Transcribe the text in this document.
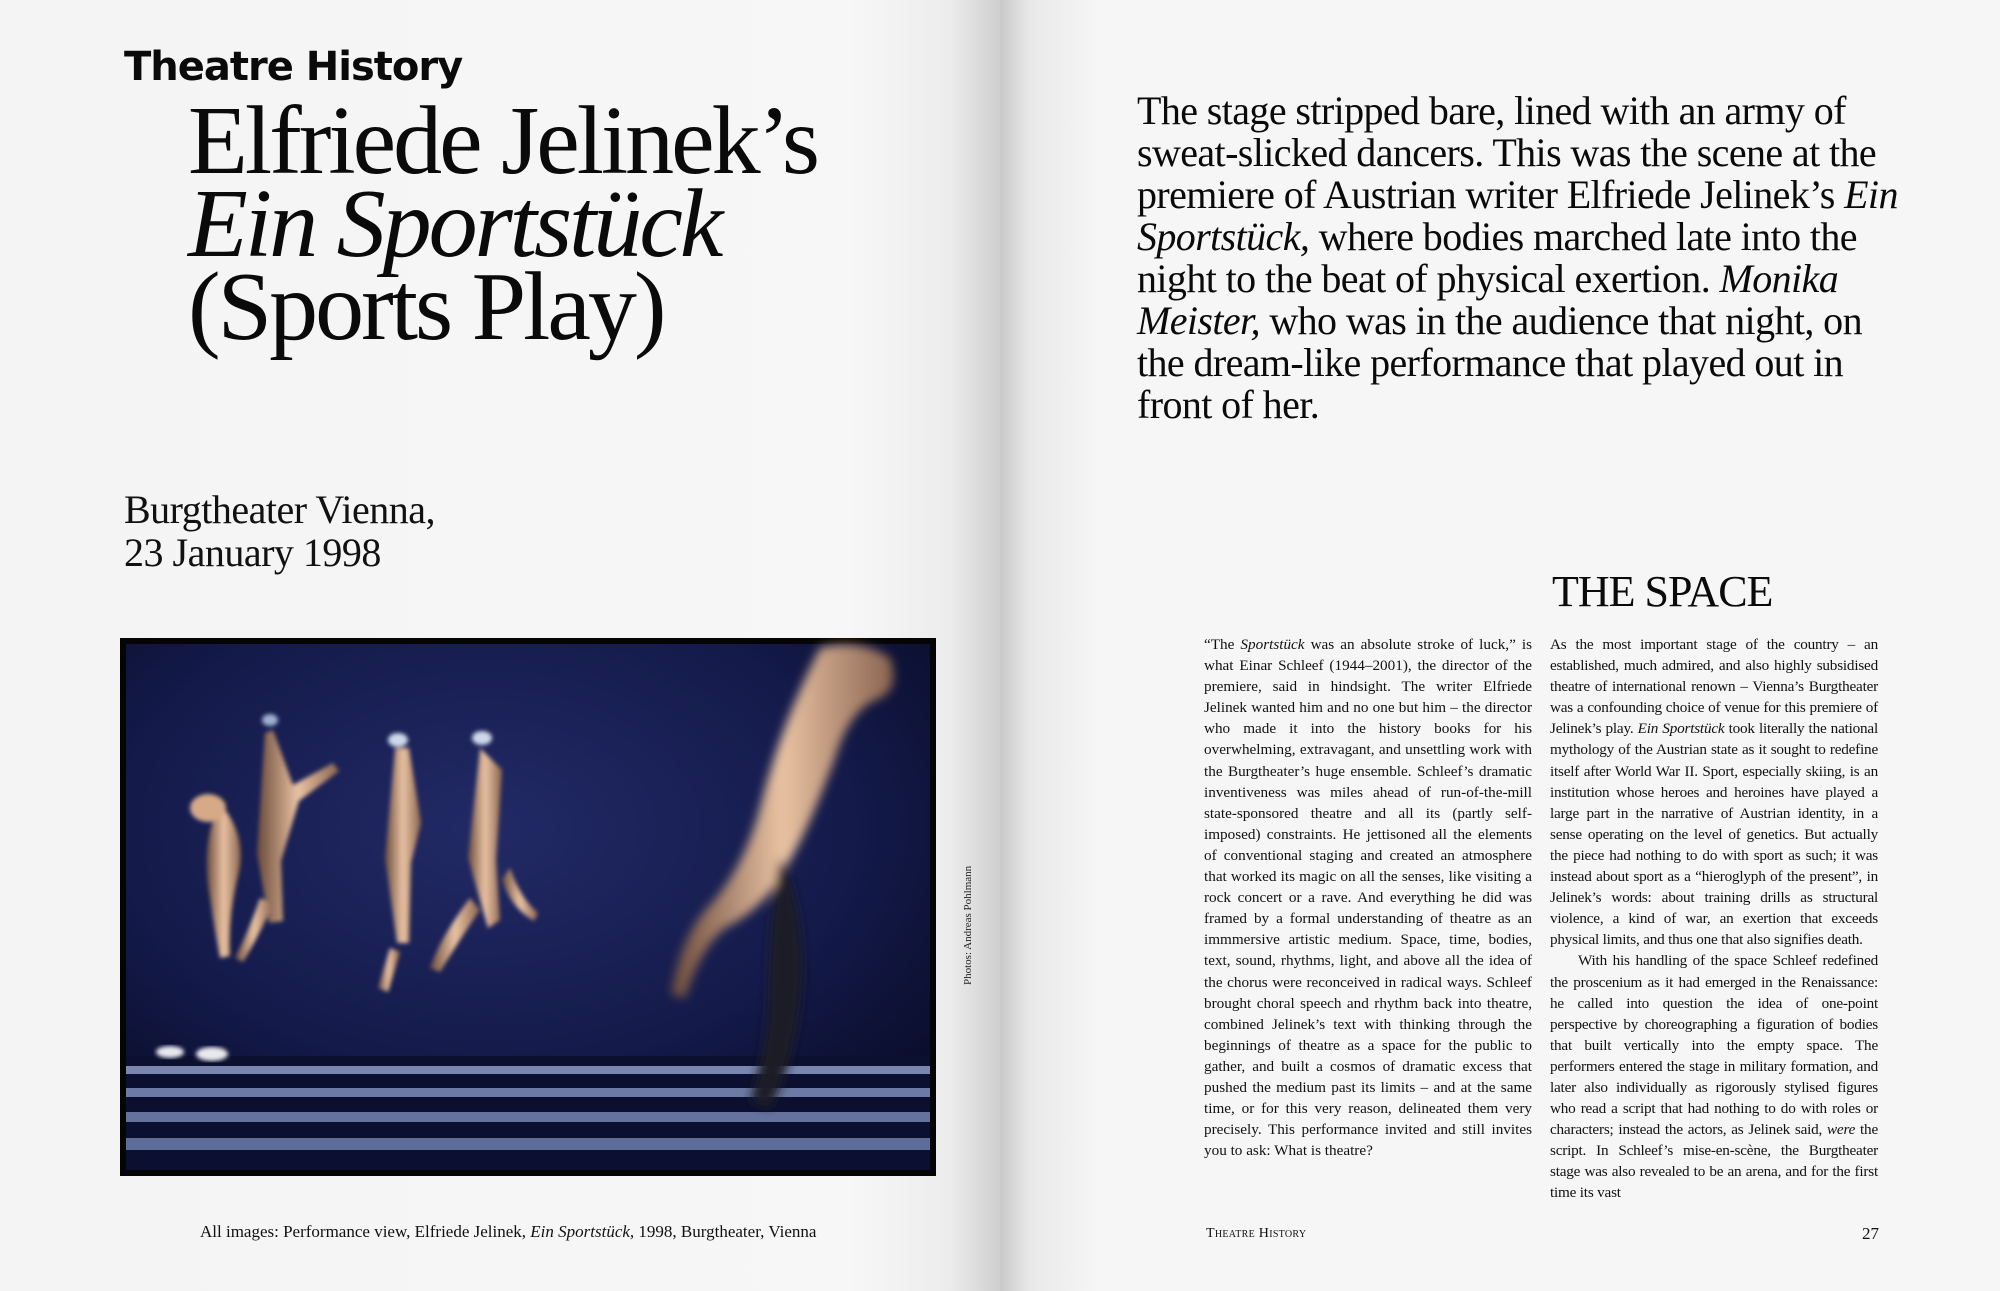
Theatre History
Elfriede Jelinek’s
Ein Sportstück
(Sports Play)
Burgtheater Vienna,
23 January 1998
Photos: Andreas Pohlmann
All images: Performance view, Elfriede Jelinek, Ein Sportstück, 1998, Burgtheater, Vienna
The stage stripped bare, lined with an army of sweat-slicked dancers. This was the scene at the premiere of Austrian writer Elfriede Jelinek’s Ein Sportstück, where bodies marched late into the night to the beat of physical exertion. Monika Meister, who was in the audience that night, on the dream-like performance that played out in front of her.
THE SPACE

“The Sportstück was an absolute stroke of luck,” is what Einar Schleef (1944–2001), the director of the premiere, said in hindsight. The writer Elfriede Jelinek wanted him and no one but him – the director who made it into the history books for his overwhelming, extravagant, and unsettling work with the Burgtheater’s huge ensemble. Schleef’s dramatic inventiveness was miles ahead of run-of-the-mill state-sponsored theatre and all its (partly self-imposed) constraints. He jettisoned all the elements of conventional staging and created an atmosphere that worked its magic on all the senses, like visiting a rock concert or a rave. And everything he did was framed by a formal understanding of theatre as an immmersive artistic medium. Space, time, bodies, text, sound, rhythms, light, and above all the idea of the chorus were reconceived in radical ways. Schleef brought choral speech and rhythm back into theatre, combined Jelinek’s text with thinking through the beginnings of theatre as a space for the public to gather, and built a cosmos of dramatic excess that pushed the medium past its limits – and at the same time, or for this very reason, delineated them very precisely. This performance invited and still invites you to ask: What is theatre?

As the most important stage of the country – an established, much admired, and also highly subsidised theatre of international renown – Vienna’s Burgtheater was a confounding choice of venue for this premiere of Jelinek’s play. Ein Sportstück took literally the national mythology of the Austrian state as it sought to redefine itself after World War II. Sport, especially skiing, is an institution whose heroes and heroines have played a large part in the narrative of Austrian identity, in a sense operating on the level of genetics. But actually the piece had nothing to do with sport as such; it was instead about sport as a “hieroglyph of the present”, in Jelinek’s words: about training drills as structural violence, a kind of war, an exertion that exceeds physical limits, and thus one that also signifies death.

With his handling of the space Schleef redefined the proscenium as it had emerged in the Renaissance: he called into question the idea of one-point perspective by choreographing a figuration of bodies that built vertically into the empty space. The performers entered the stage in military formation, and later also individually as rigorously stylised figures who read a script that had nothing to do with roles or characters; instead the actors, as Jelinek said, were the script. In Schleef’s mise-en-scène, the Burgtheater stage was also revealed to be an arena, and for the first time its vast

Theatre History	27
